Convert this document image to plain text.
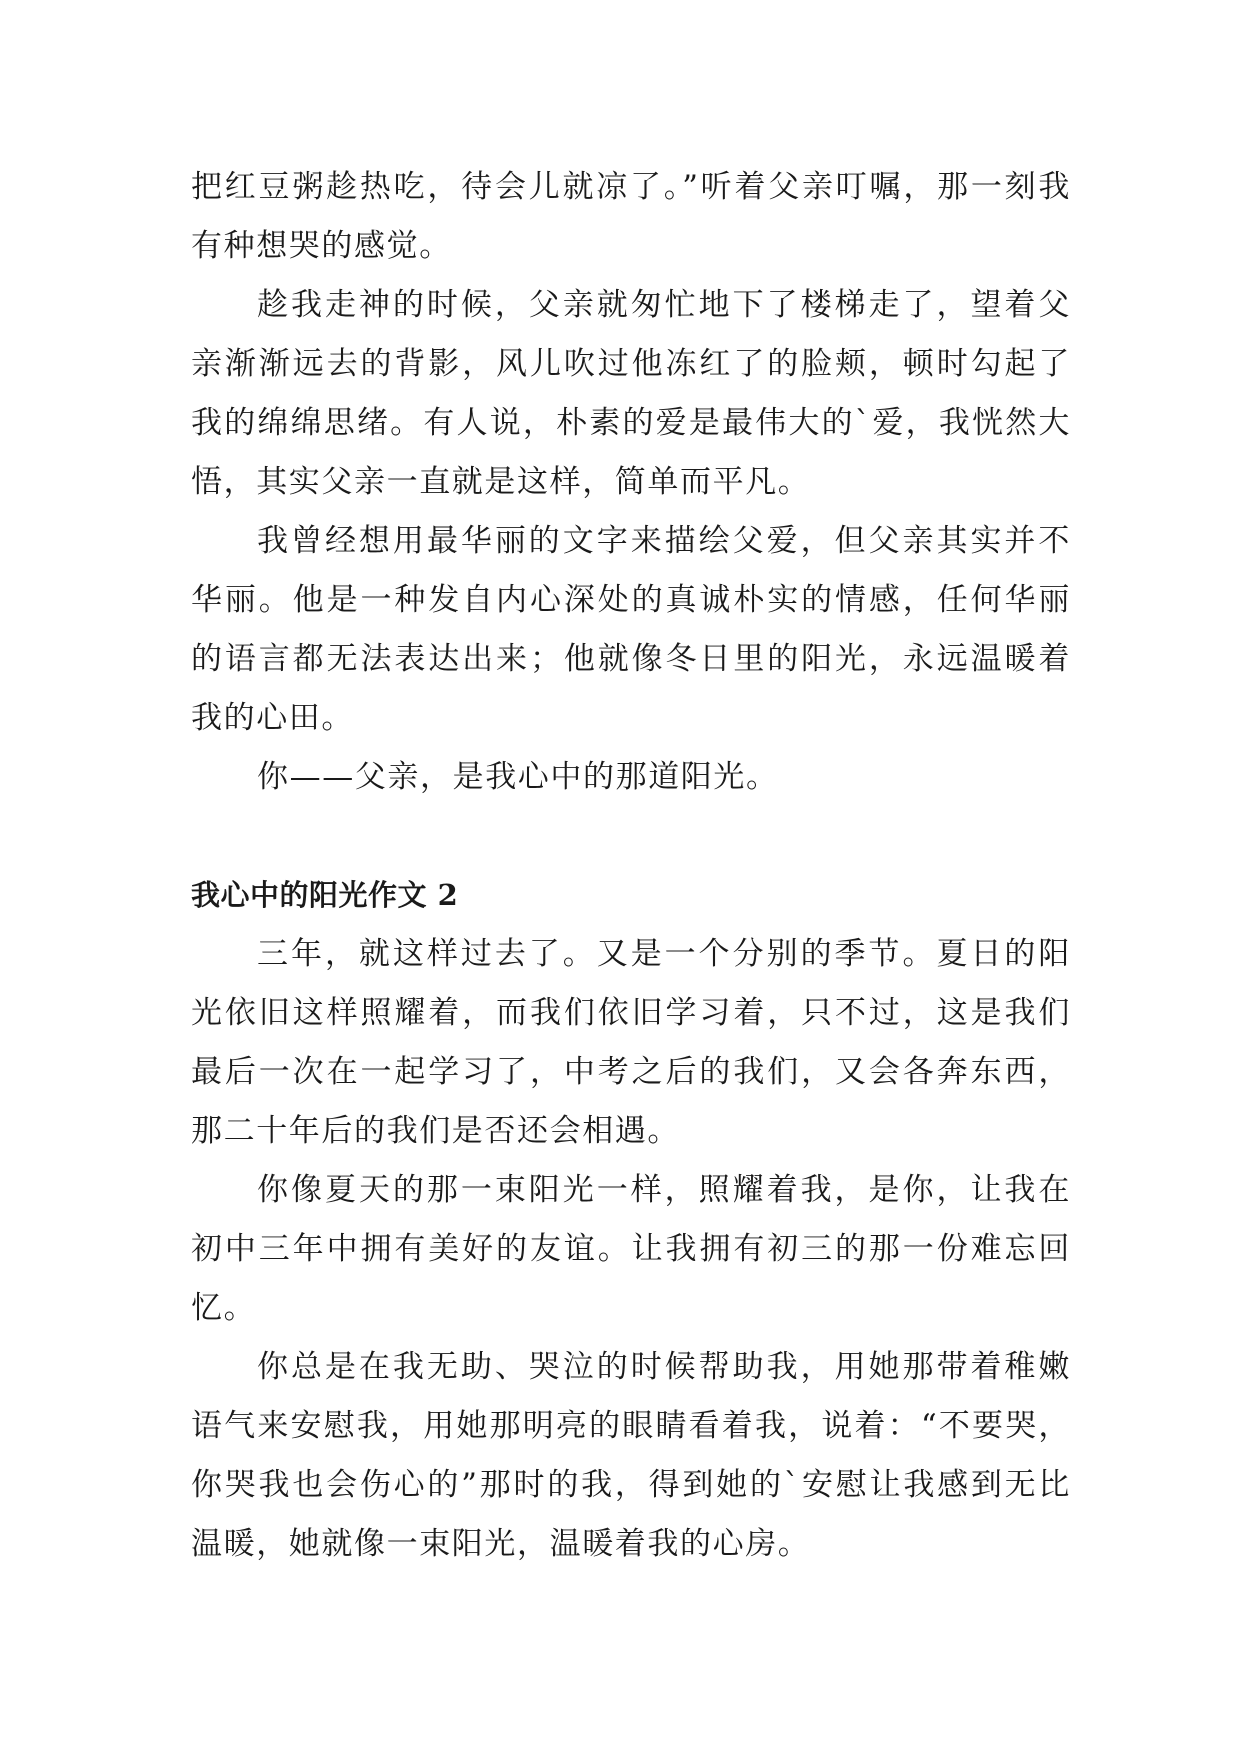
把红豆粥趁热吃，待会儿就凉了。”听着父亲叮嘱，那一刻我有种想哭的感觉。

趁我走神的时候，父亲就匆忙地下了楼梯走了，望着父亲渐渐远去的背影，风儿吹过他冻红了的脸颊，顿时勾起了我的绵绵思绪。有人说，朴素的爱是最伟大的`爱，我恍然大悟，其实父亲一直就是这样，简单而平凡。

我曾经想用最华丽的文字来描绘父爱，但父亲其实并不华丽。他是一种发自内心深处的真诚朴实的情感，任何华丽的语言都无法表达出来；他就像冬日里的阳光，永远温暖着我的心田。

你——父亲，是我心中的那道阳光。

我心中的阳光作文 2

三年，就这样过去了。又是一个分别的季节。夏日的阳光依旧这样照耀着，而我们依旧学习着，只不过，这是我们最后一次在一起学习了，中考之后的我们，又会各奔东西，那二十年后的我们是否还会相遇。

你像夏天的那一束阳光一样，照耀着我，是你，让我在初中三年中拥有美好的友谊。让我拥有初三的那一份难忘回忆。

你总是在我无助、哭泣的时候帮助我，用她那带着稚嫩语气来安慰我，用她那明亮的眼睛看着我，说着：“不要哭，你哭我也会伤心的”那时的我，得到她的`安慰让我感到无比温暖，她就像一束阳光，温暖着我的心房。
